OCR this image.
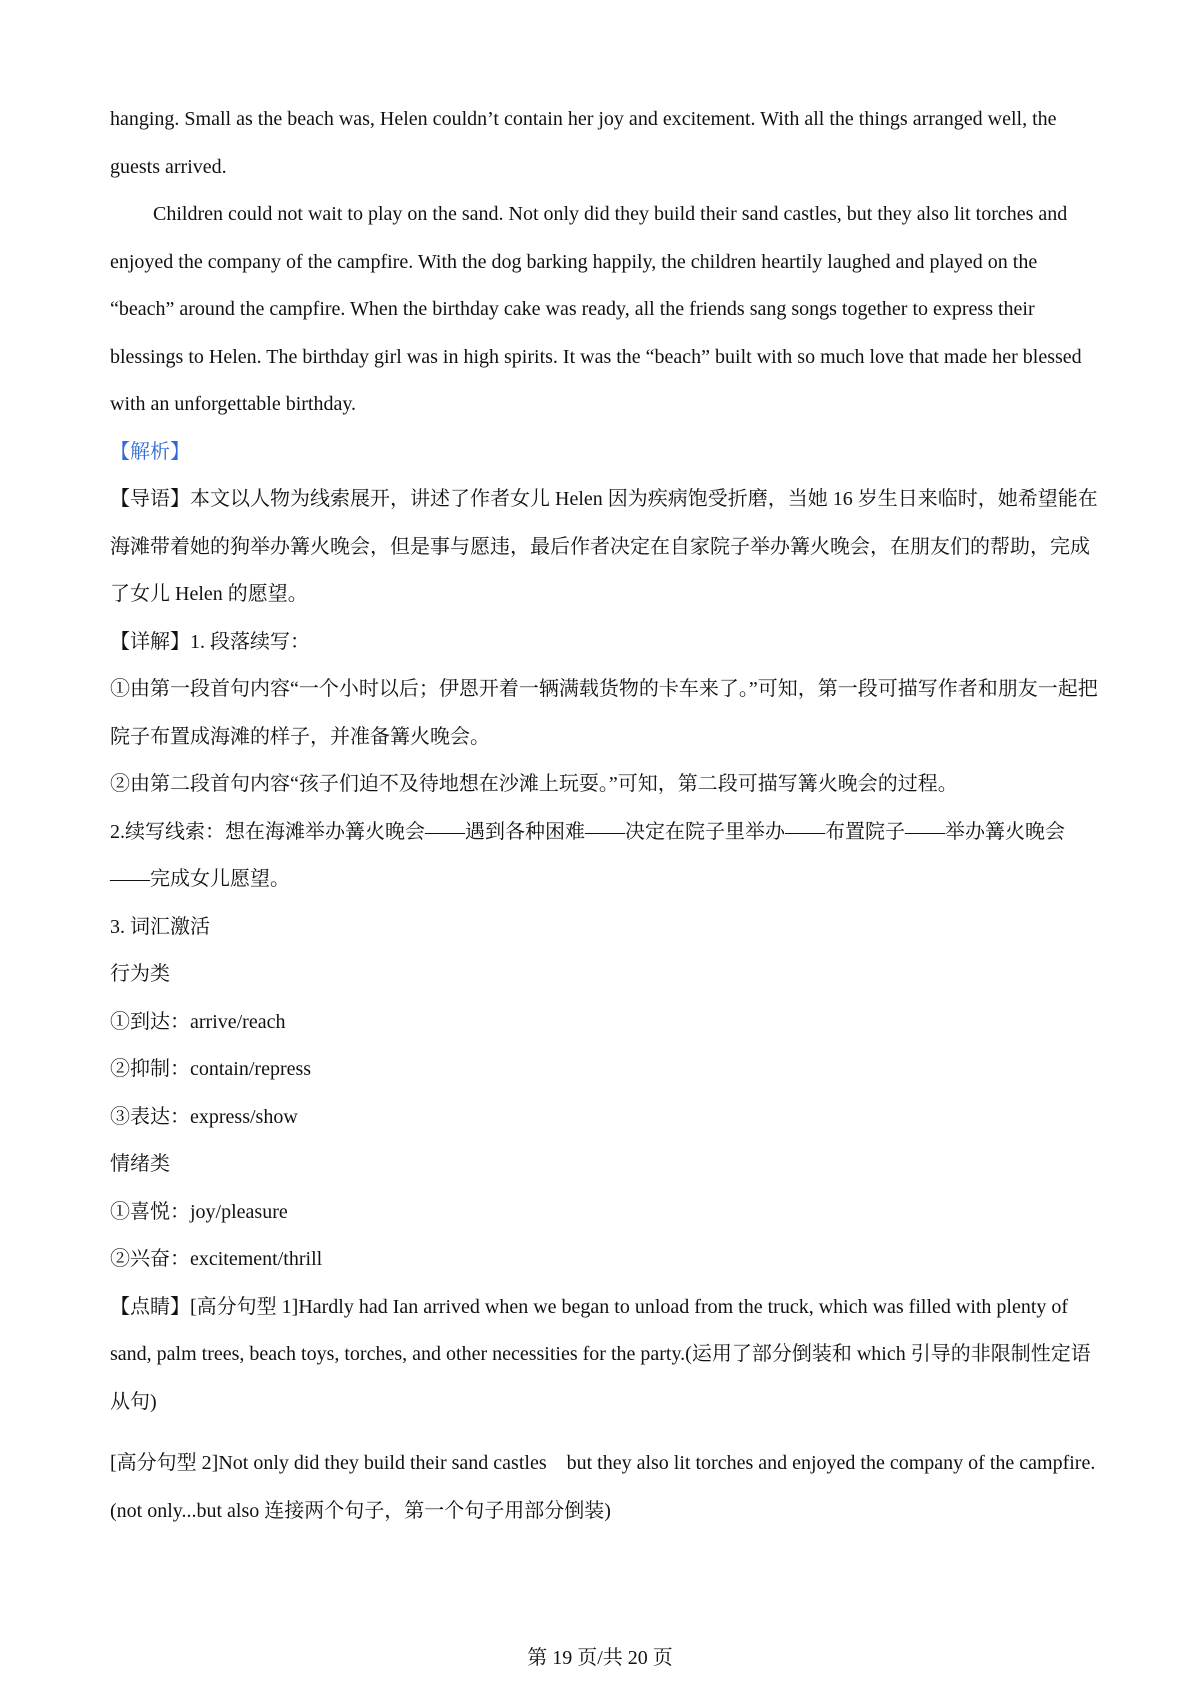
hanging. Small as the beach was, Helen couldn’t contain her joy and excitement. With all the things arranged well, the guests arrived.

Children could not wait to play on the sand. Not only did they build their sand castles, but they also lit torches and enjoyed the company of the campfire. With the dog barking happily, the children heartily laughed and played on the “beach” around the campfire. When the birthday cake was ready, all the friends sang songs together to express their blessings to Helen. The birthday girl was in high spirits. It was the “beach” built with so much love that made her blessed with an unforgettable birthday.

【解析】

【导语】本文以人物为线索展开，讲述了作者女儿 Helen 因为疾病饱受折磨，当她 16 岁生日来临时，她希望能在海滩带着她的狗举办篝火晚会，但是事与愿违，最后作者决定在自家院子举办篝火晚会，在朋友们的帮助，完成了女儿 Helen 的愿望。

【详解】1. 段落续写：

①由第一段首句内容“一个小时以后；伊恩开着一辆满载货物的卡车来了。”可知，第一段可描写作者和朋友一起把院子布置成海滩的样子，并准备篝火晚会。

②由第二段首句内容“孩子们迫不及待地想在沙滩上玩耍。”可知，第二段可描写篝火晚会的过程。

2.续写线索：想在海滩举办篝火晚会——遇到各种困难——决定在院子里举办——布置院子——举办篝火晚会——完成女儿愿望。

3. 词汇激活

行为类

①到达：arrive/reach

②抑制：contain/repress

③表达：express/show

情绪类

①喜悦：joy/pleasure

②兴奋：excitement/thrill

【点睛】[高分句型 1]Hardly had Ian arrived when we began to unload from the truck, which was filled with plenty of sand, palm trees, beach toys, torches, and other necessities for the party.(运用了部分倒装和 which 引导的非限制性定语从句)

[高分句型 2]Not only did they build their sand castles    but they also lit torches and enjoyed the company of the campfire.(not only...but also 连接两个句子，第一个句子用部分倒装)

第 19 页/共 20 页
